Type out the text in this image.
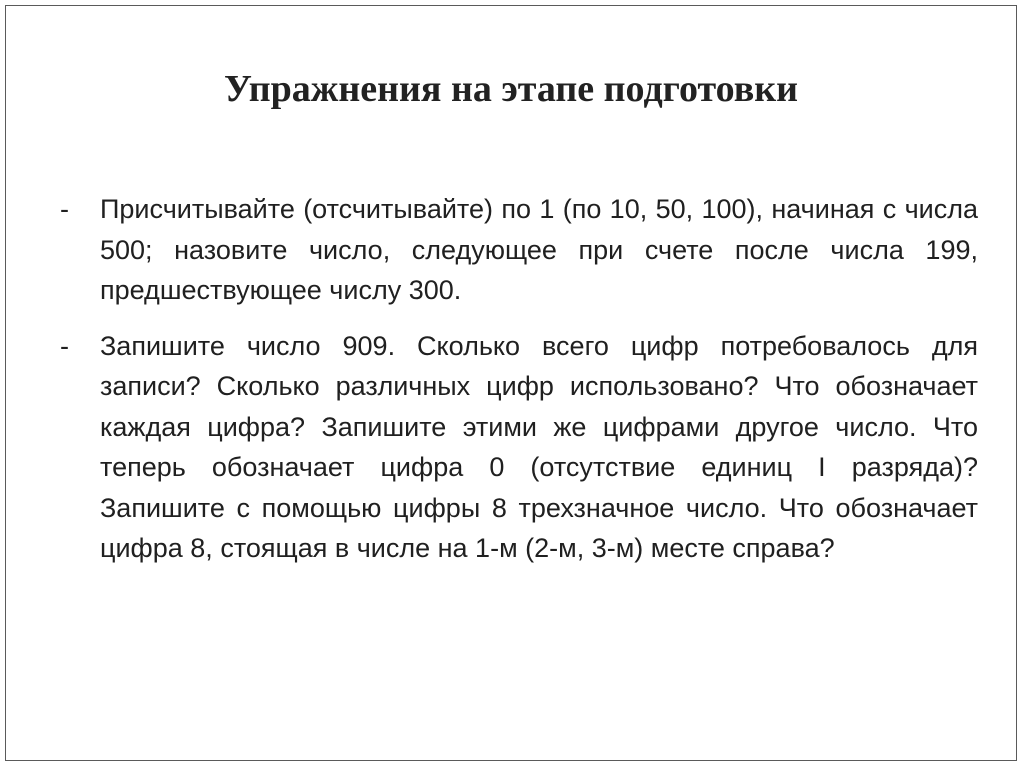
Упражнения на этапе подготовки
- Присчитывайте (отсчитывайте) по 1 (по 10, 50, 100), начиная с числа 500; назовите число, следующее при счете после числа 199, предшествующее числу 300.
- Запишите число 909. Сколько всего цифр потребовалось для записи? Сколько различных цифр использовано? Что обозначает каждая цифра? Запишите этими же цифрами другое число. Что теперь обозначает цифра 0 (отсутствие единиц I разряда)? Запишите с помощью цифры 8 трехзначное число. Что обозначает цифра 8, стоящая в числе на 1-м (2-м, 3-м) месте справа?
